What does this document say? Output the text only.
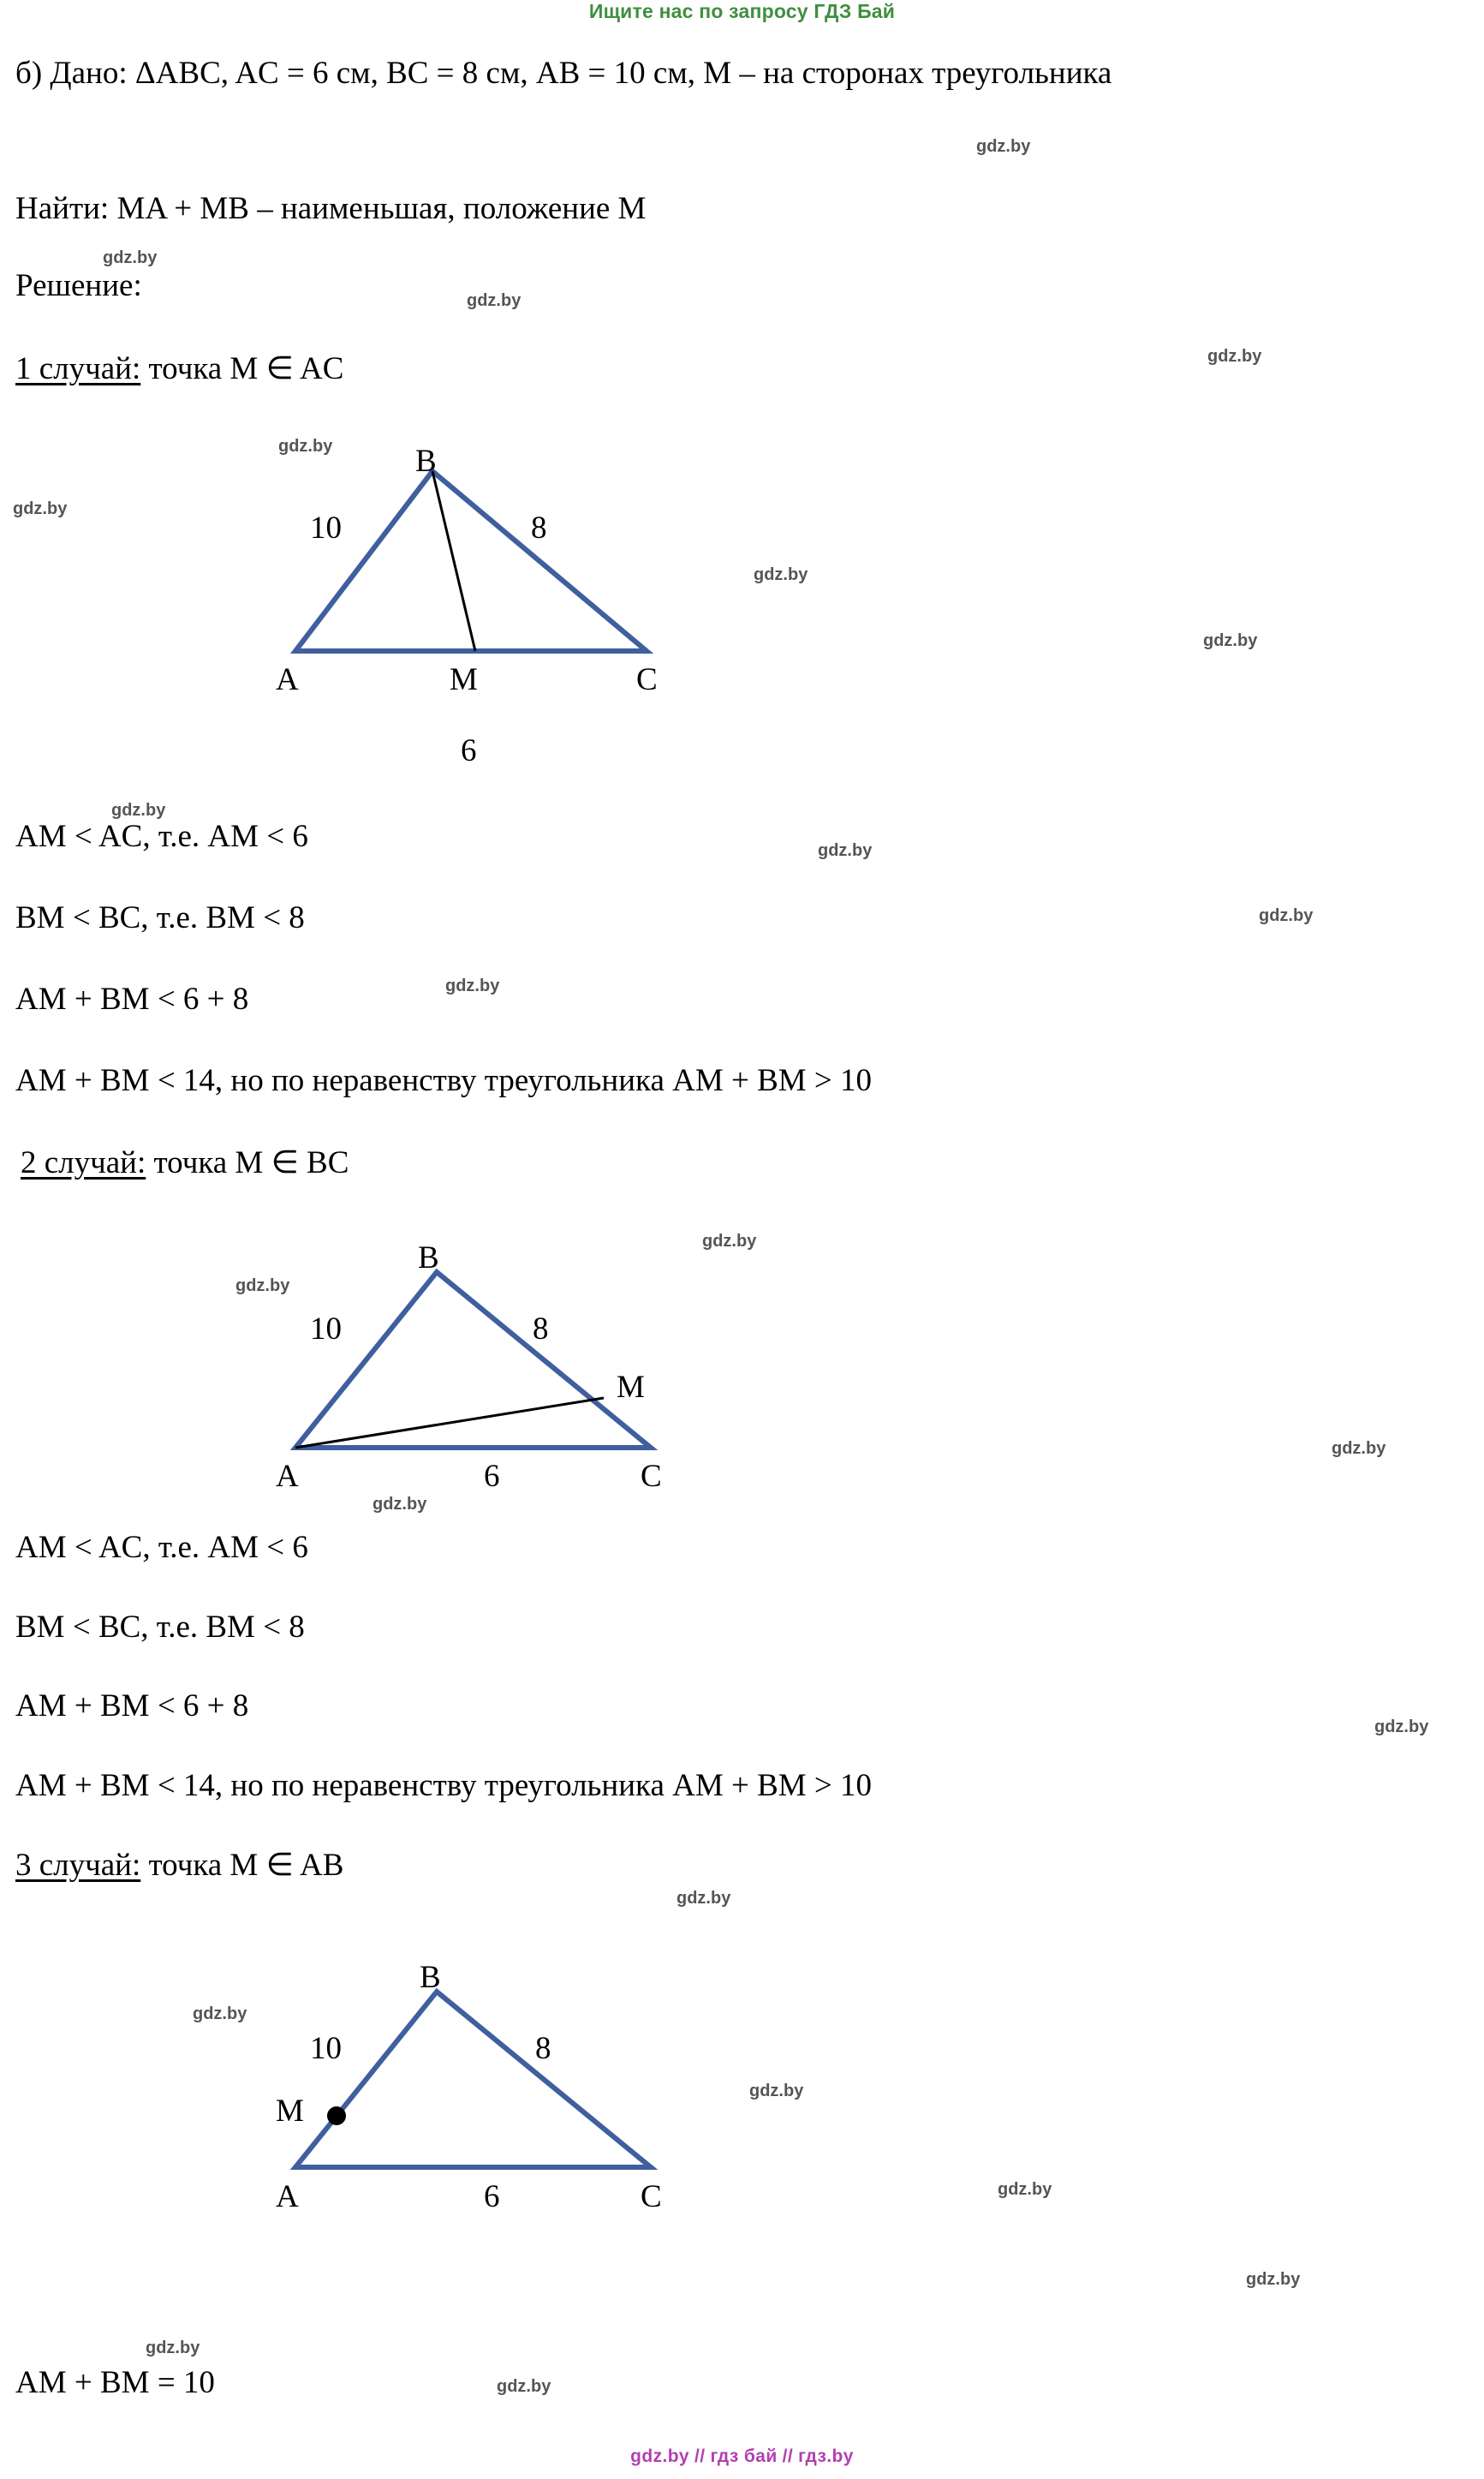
Ищите нас по запросу ГДЗ Бай
б) Дано: ΔABC, AC = 6 см, BC = 8 см, AB = 10 см, M – на сторонах треугольника
Найти: MA + MB – наименьшая, положение M
Решение:
1 случай: точка M ∈ AC
B
A	C
M
10	8
6
AM < AC, т.е. AM < 6
BM < BC, т.е. BM < 8
AM + BM < 6 + 8
AM + BM < 14, но по неравенству треугольника AM + BM > 10
2 случай: точка M ∈ BC
B
A	C
M
10	8
6
AM < AC, т.е. AM < 6
BM < BC, т.е. BM < 8
AM + BM < 6 + 8
AM + BM < 14, но по неравенству треугольника AM + BM > 10
3 случай: точка M ∈ AB
B
A	C
M
10	8
6
AM + BM = 10
gdz.by
gdz.by
gdz.by
gdz.by
gdz.by
gdz.by
gdz.by
gdz.by
gdz.by
gdz.by
gdz.by
gdz.by
gdz.by
gdz.by
gdz.by
gdz.by
gdz.by
gdz.by
gdz.by
gdz.by
gdz.by
gdz.by
gdz.by
gdz.by
gdz.by // гдз бай // гдз.by
